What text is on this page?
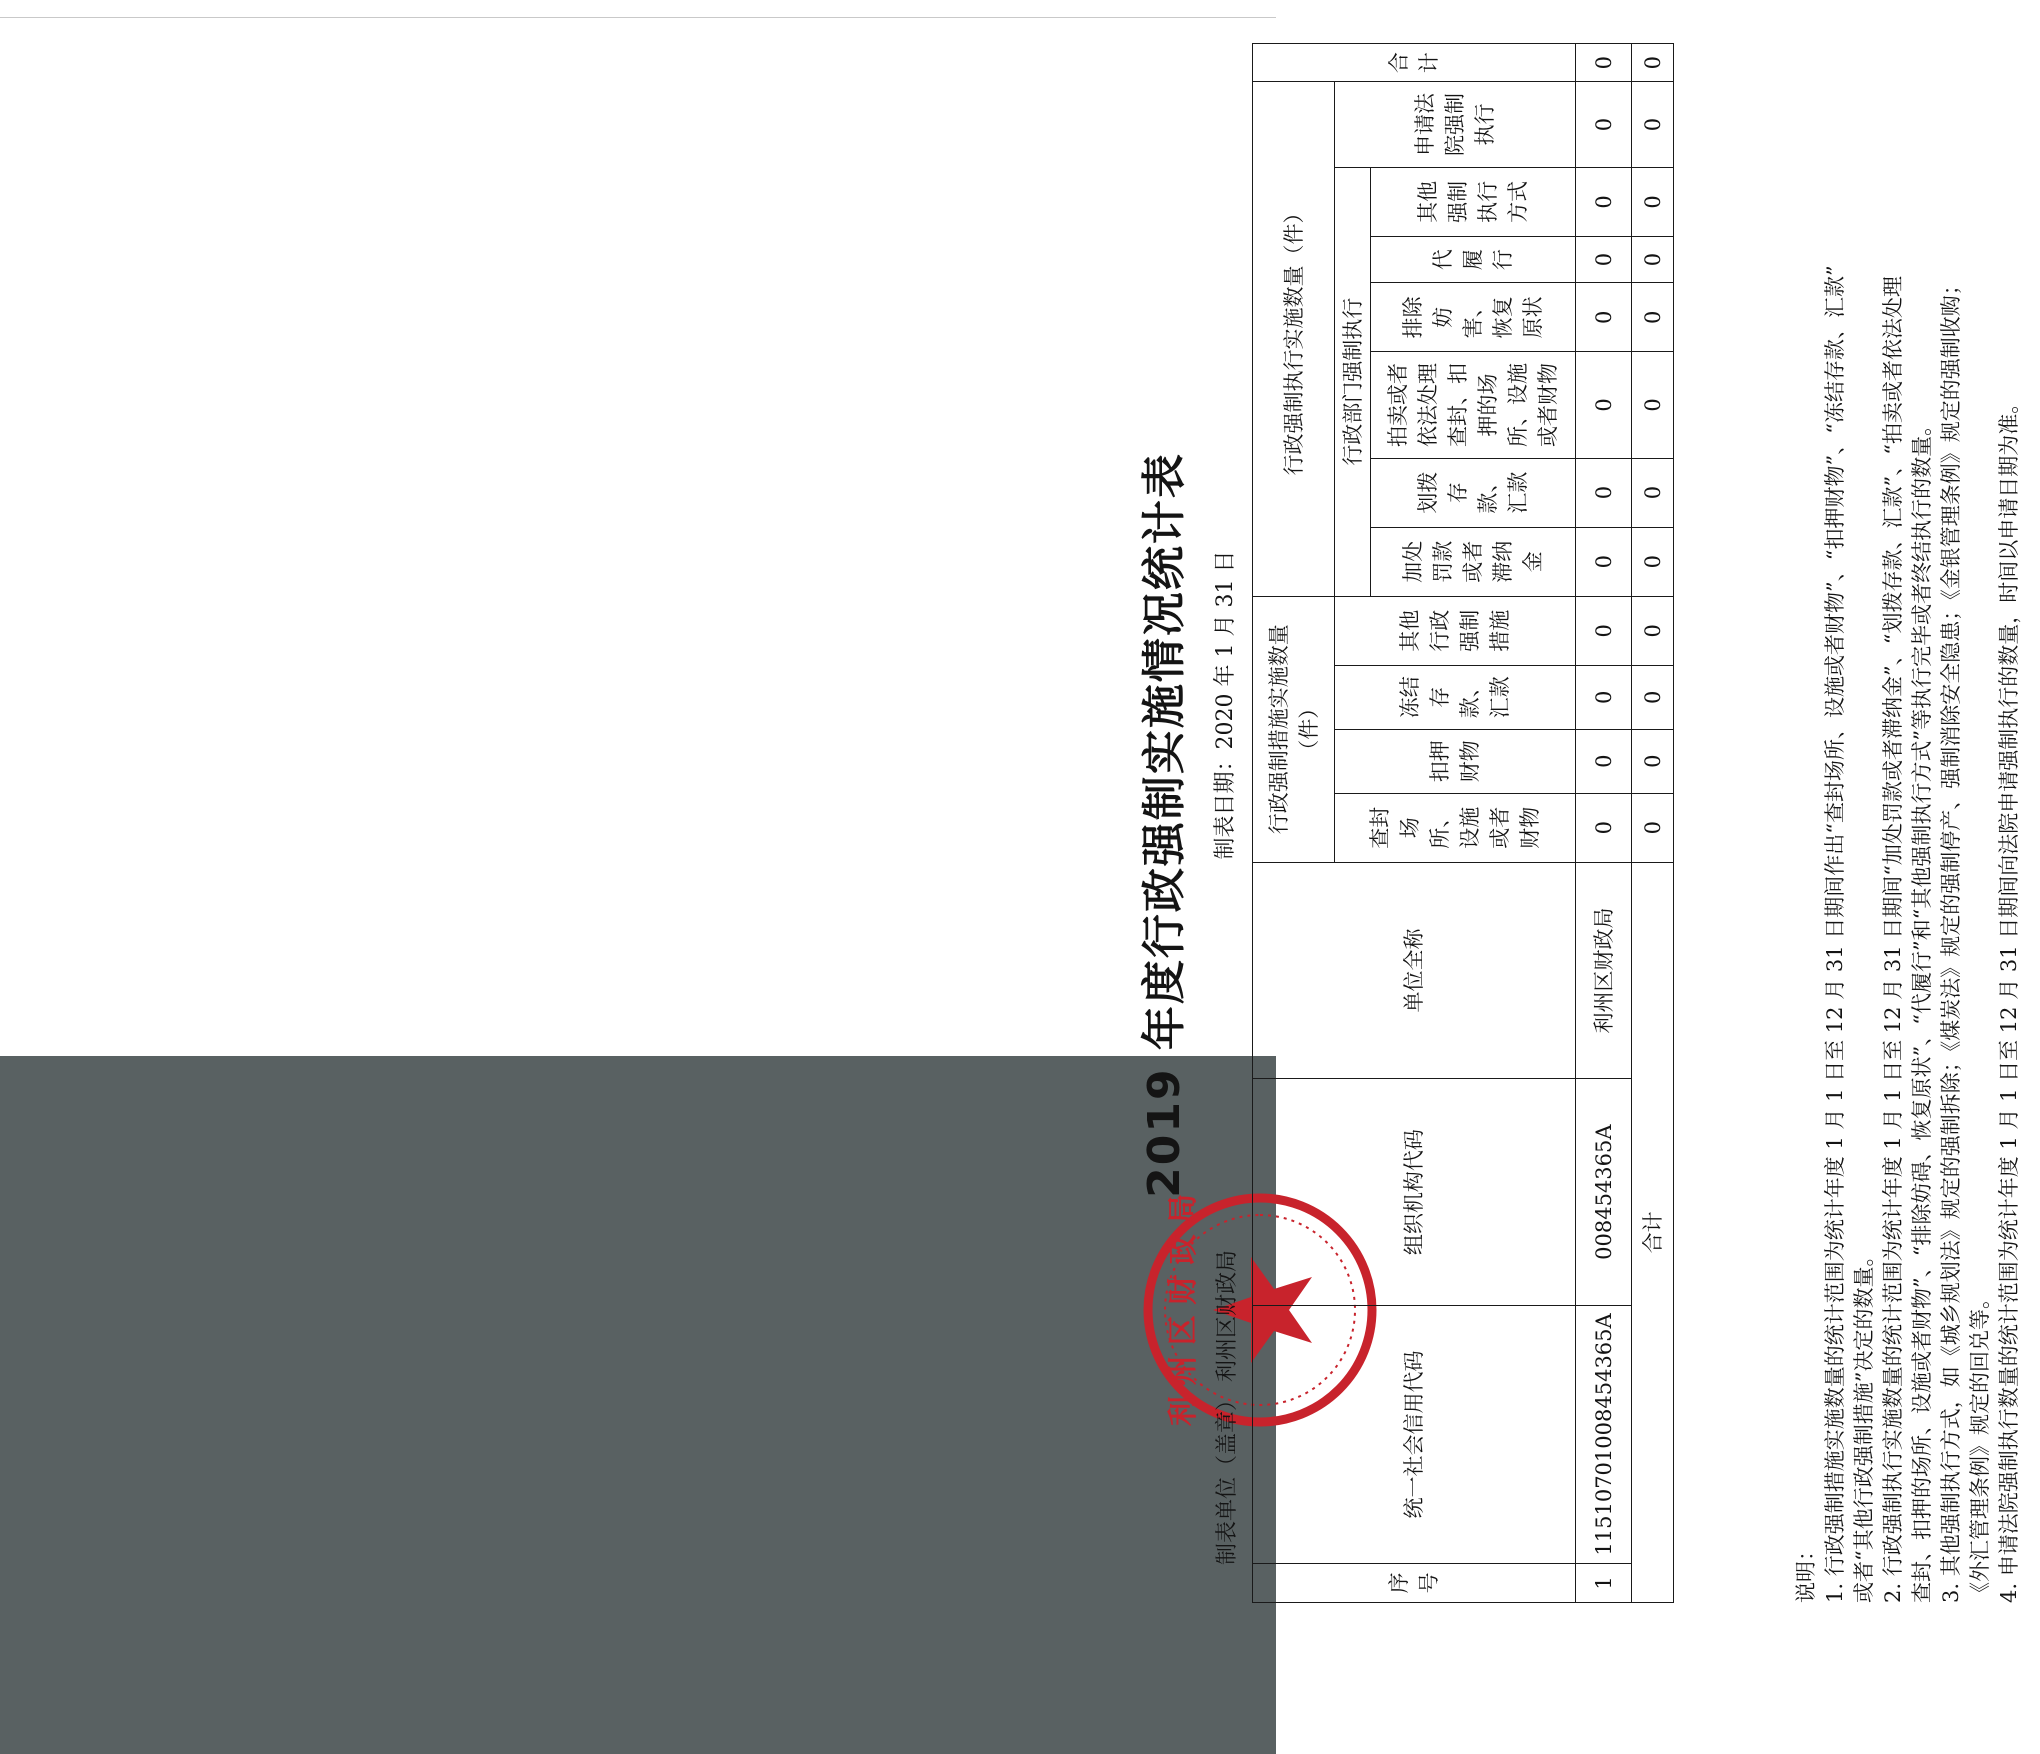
利 州 区 财 政 局
2019 年度行政强制实施情况统计表
制表单位（盖章） 利州区财政局
制表日期：2020 年 1 月 31 日
序号	统一社会信用代码	组织机构代码	单位全称	行政强制措施实施数量（件）				行政强制执行实施数量（件）							合计
				查封场所、设施或者财物	扣押财物	冻结存款、汇款	其他行政强制措施	行政部门强制执行						申请法院强制执行	
								加处罚款或者滞纳金	划拨存款、汇款	拍卖或者依法处理查封、扣押的场所、设施或者财物	排除妨害、恢复原状	代履行	其他强制执行方式		
1	11510701008454365A	008454365A	利州区财政局	0	0	0	0	0	0	0	0	0	0	0	0
合计				0	0	0	0	0	0	0	0	0	0	0	0
说明： 1. 行政强制措施实施数量的统计范围为统计年度 1 月 1 日至 12 月 31 日期间作出“查封场所、设施或者财物”、“扣押财物”、“冻结存款、汇款” 或者“其他行政强制措施”决定的数量。 2. 行政强制执行实施数量的统计范围为统计年度 1 月 1 日至 12 月 31 日期间“加处罚款或者滞纳金”、“划拨存款、汇款”、“拍卖或者依法处理 查封、扣押的场所、设施或者财物”、“排除妨碍、恢复原状”、“代履行”和“其他强制执行方式”等执行完毕或者终结执行的数量。 3. 其他强制执行方式，如《城乡规划法》规定的强制拆除；《煤炭法》规定的强制停产、强制消除安全隐患；《金银管理条例》规定的强制收购； 《外汇管理条例》规定的回兑等。 4. 申请法院强制执行数量的统计范围为统计年度 1 月 1 日至 12 月 31 日期间向法院申请强制执行的数量，时间以申请日期为准。
